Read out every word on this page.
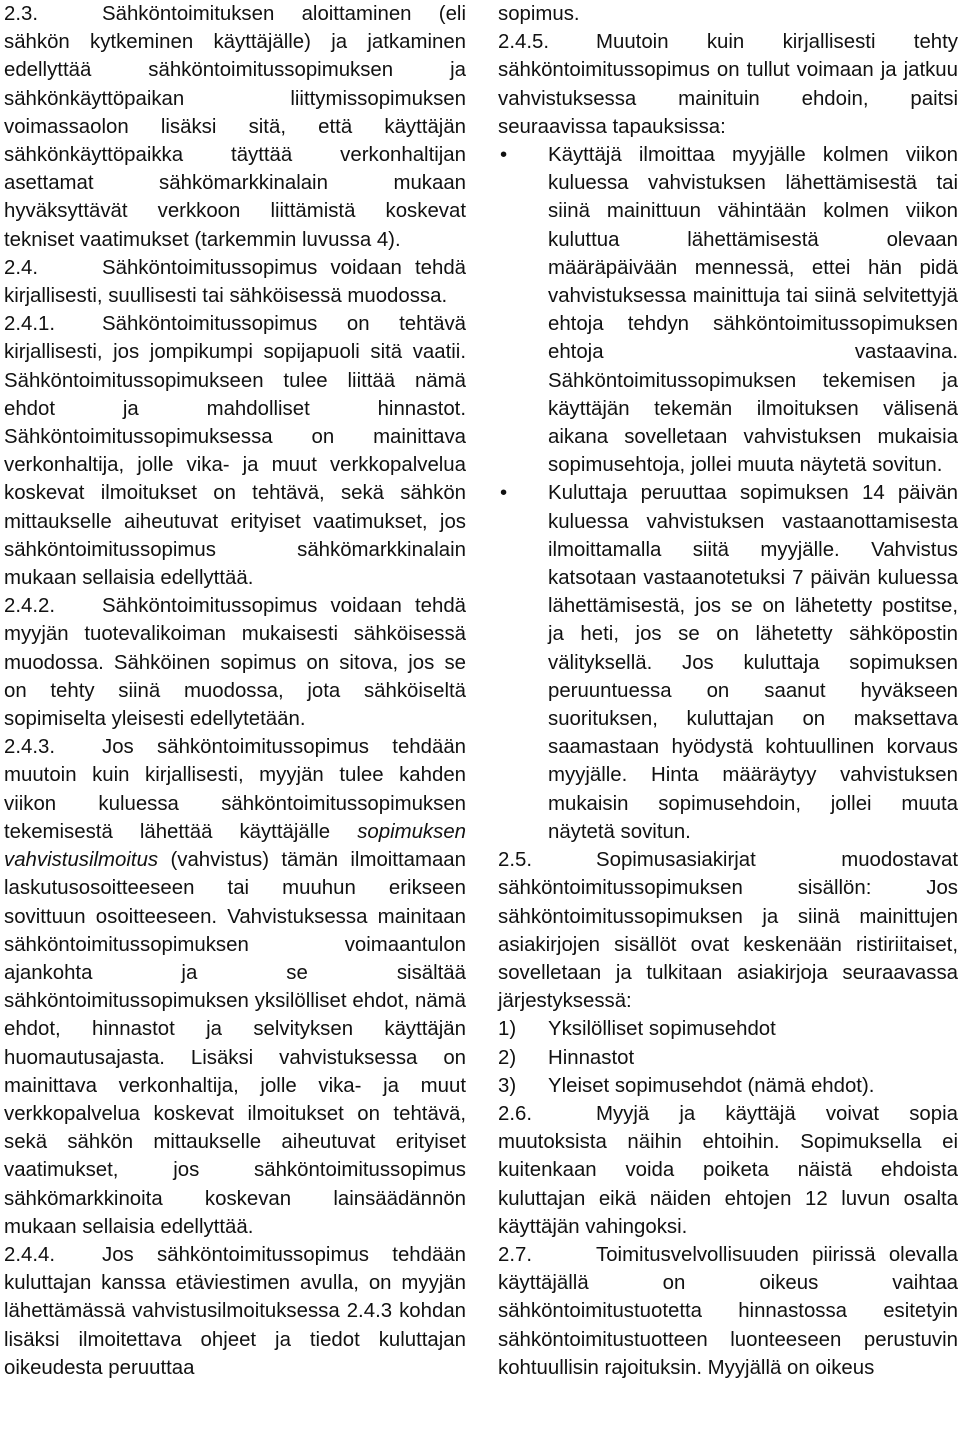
2.3.	Sähköntoimituksen aloittaminen (eli sähkön kytkeminen käyttäjälle) ja jatkaminen edellyttää sähköntoimitussopimuksen ja sähkönkäyttöpaikan liittymissopimuksen voimassaolon lisäksi sitä, että käyttäjän sähkönkäyttöpaikka täyttää verkonhaltijan asettamat sähkömarkkinalain mukaan hyväksyttävät verkkoon liittämistä koskevat tekniset vaatimukset (tarkemmin luvussa 4).

2.4.	Sähköntoimitussopimus voidaan tehdä kirjallisesti, suullisesti tai sähköisessä muodossa.

2.4.1. Sähköntoimitussopimus on tehtävä kirjallisesti, jos jompikumpi sopijapuoli sitä vaatii. Sähköntoimitussopimukseen tulee liittää nämä ehdot ja mahdolliset hinnastot. Sähköntoimitussopimuksessa on mainittava verkonhaltija, jolle vika- ja muut verkkopalvelua koskevat ilmoitukset on tehtävä, sekä sähkön mittaukselle aiheutuvat erityiset vaatimukset, jos sähköntoimitussopimus sähkömarkkinalain mukaan sellaisia edellyttää.

2.4.2. Sähköntoimitussopimus voidaan tehdä myyjän tuotevalikoiman mukaisesti sähköisessä muodossa. Sähköinen sopimus on sitova, jos se on tehty siinä muodossa, jota sähköiseltä sopimiselta yleisesti edellytetään.

2.4.3. Jos sähköntoimitussopimus tehdään muutoin kuin kirjallisesti, myyjän tulee kahden viikon kuluessa sähköntoimitussopimuksen tekemisestä lähettää käyttäjälle sopimuksen vahvistusilmoitus (vahvistus) tämän ilmoittamaan laskutusosoitteeseen tai muuhun erikseen sovittuun osoitteeseen. Vahvistuksessa mainitaan sähköntoimitussopimuksen voimaantulon ajankohta ja se sisältää sähköntoimitussopimuksen yksilölliset ehdot, nämä ehdot, hinnastot ja selvityksen käyttäjän huomautusajasta. Lisäksi vahvistuksessa on mainittava verkonhaltija, jolle vika- ja muut verkkopalvelua koskevat ilmoitukset on tehtävä, sekä sähkön mittaukselle aiheutuvat erityiset vaatimukset, jos sähköntoimitussopimus sähkömarkkinoita koskevan lainsäädännön mukaan sellaisia edellyttää.

2.4.4. Jos sähköntoimitussopimus tehdään kuluttajan kanssa etäviestimen avulla, on myyjän lähettämässä vahvistusilmoituksessa 2.4.3 kohdan lisäksi ilmoitettava ohjeet ja tiedot kuluttajan oikeudesta peruuttaa

sopimus.

2.4.5. Muutoin kuin kirjallisesti tehty sähköntoimitussopimus on tullut voimaan ja jatkuu vahvistuksessa mainituin ehdoin, paitsi seuraavissa tapauksissa:

• Käyttäjä ilmoittaa myyjälle kolmen viikon kuluessa vahvistuksen lähettämisestä tai siinä mainittuun vähintään kolmen viikon kuluttua lähettämisestä olevaan määräpäivään mennessä, ettei hän pidä vahvistuksessa mainittuja tai siinä selvitettyjä ehtoja tehdyn sähköntoimitussopimuksen ehtoja vastaavina. Sähköntoimitussopimuksen tekemisen ja käyttäjän tekemän ilmoituksen välisenä aikana sovelletaan vahvistuksen mukaisia sopimusehtoja, jollei muuta näytetä sovitun.
• Kuluttaja peruuttaa sopimuksen 14 päivän kuluessa vahvistuksen vastaanottamisesta ilmoittamalla siitä myyjälle. Vahvistus katsotaan vastaanotetuksi 7 päivän kuluessa lähettämisestä, jos se on lähetetty postitse, ja heti, jos se on lähetetty sähköpostin välityksellä. Jos kuluttaja sopimuksen peruuntuessa on saanut hyväkseen suorituksen, kuluttajan on maksettava saamastaan hyödystä kohtuullinen korvaus myyjälle. Hinta määräytyy vahvistuksen mukaisin sopimusehdoin, jollei muuta näytetä sovitun.

2.5.	Sopimusasiakirjat muodostavat sähköntoimitussopimuksen sisällön: Jos sähköntoimitussopimuksen ja siinä mainittujen asiakirjojen sisällöt ovat keskenään ristiriitaiset, sovelletaan ja tulkitaan asiakirjoja seuraavassa järjestyksessä:

1)	Yksilölliset sopimusehdot
2)	Hinnastot
3)	Yleiset sopimusehdot (nämä ehdot).

2.6.	Myyjä ja käyttäjä voivat sopia muutoksista näihin ehtoihin. Sopimuksella ei kuitenkaan voida poiketa näistä ehdoista kuluttajan eikä näiden ehtojen 12 luvun osalta käyttäjän vahingoksi.

2.7.	Toimitusvelvollisuuden piirissä olevalla käyttäjällä on oikeus vaihtaa sähköntoimitustuotetta hinnastossa esitetyin sähköntoimitustuotteen luonteeseen perustuvin kohtuullisin rajoituksin. Myyjällä on oikeus
